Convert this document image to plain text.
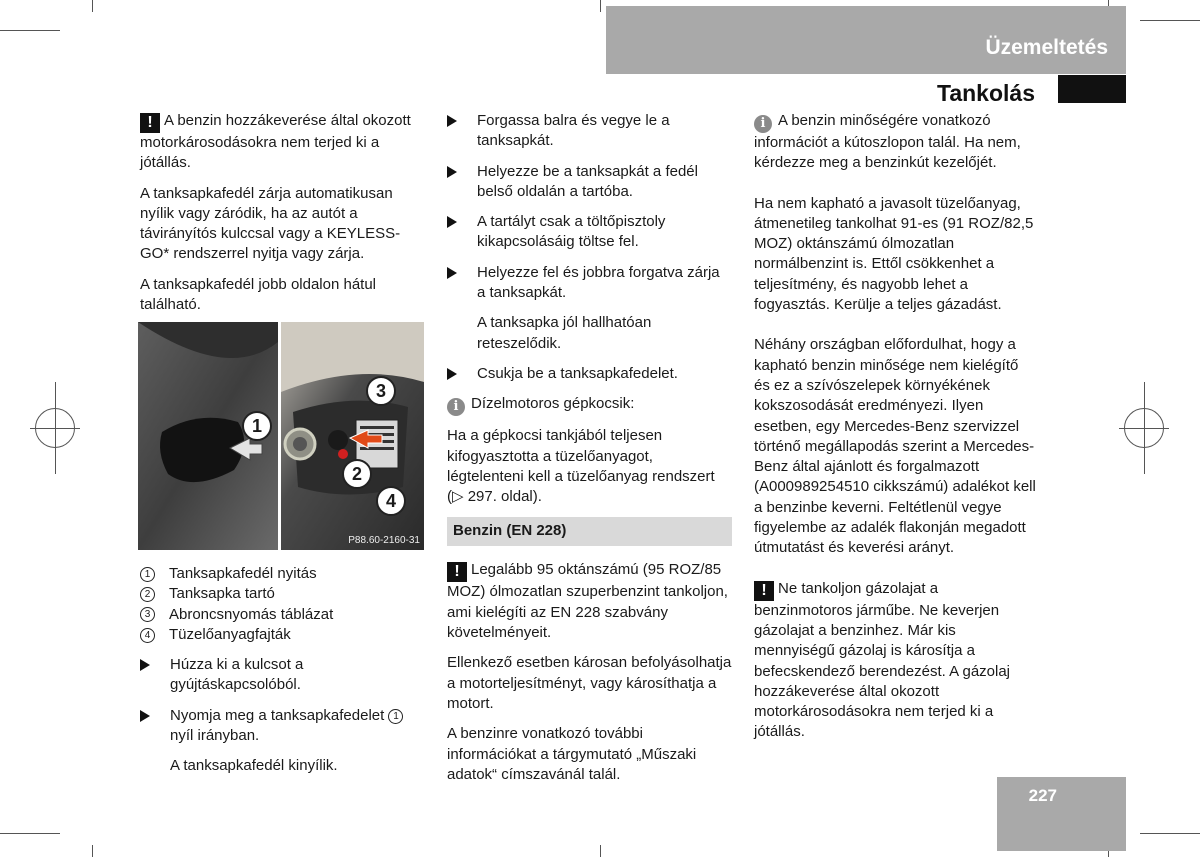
Üzemeltetés
Tankolás

! A benzin hozzákeverése által okozott motorkárosodásokra nem terjed ki a jótállás.

A tanksapkafedél zárja automatikusan nyílik vagy záródik, ha az autót a távirányítós kulccsal vagy a KEYLESS-GO* rendszerrel nyitja vagy zárja.

A tanksapkafedél jobb oldalon hátul található.

1
3
2
4
P88.60-2160-31
1	Tanksapkafedél nyitás
2	Tanksapka tartó
3	Abroncsnyomás táblázat
4	Tüzelőanyagfajták
Húzza ki a kulcsot a gyújtáskapcsolóból.
Nyomja meg a tanksapkafedelet 1 nyíl irányban.

A tanksapkafedél kinyílik.

Forgassa balra és vegye le a tanksapkát.
Helyezze be a tanksapkát a fedél belső oldalán a tartóba.
A tartályt csak a töltőpisztoly kikapcsolásáig töltse fel.
Helyezze fel és jobbra forgatva zárja a tanksapkát.

A tanksapka jól hallhatóan reteszelődik.

Csukja be a tanksapkafedelet.

i Dízelmotoros gépkocsik:

Ha a gépkocsi tankjából teljesen kifogyasztotta a tüzelőanyagot, légtelenteni kell a tüzelőanyag rendszert (▷ 297. oldal).

Benzin (EN 228)

! Legalább 95 oktánszámú (95 ROZ/85 MOZ) ólmozatlan szuperbenzint tankoljon, ami kielégíti az EN 228 szabvány követelményeit.

Ellenkező esetben károsan befolyásolhatja a motorteljesítményt, vagy károsíthatja a motort.

A benzinre vonatkozó további információkat a tárgymutató „Műszaki adatok“ címszavánál talál.

i A benzin minőségére vonatkozó információt a kútoszlopon talál. Ha nem, kérdezze meg a benzinkút kezelőjét.

Ha nem kapható a javasolt tüzelőanyag, átmenetileg tankolhat 91-es (91 ROZ/82,5 MOZ) oktánszámú ólmozatlan normálbenzint is. Ettől csökkenhet a teljesítmény, és nagyobb lehet a fogyasztás. Kerülje a teljes gázadást.

Néhány országban előfordulhat, hogy a kapható benzin minősége nem kielégítő és ez a szívószelepek környékének kokszosodását eredményezi. Ilyen esetben, egy Mercedes-Benz szervizzel történő megállapodás szerint a Mercedes-Benz által ajánlott és forgalmazott (A000989254510 cikkszámú) adalékot kell a benzinbe keverni. Feltétlenül vegye figyelembe az adalék flakonján megadott útmutatást és keverési arányt.

! Ne tankoljon gázolajat a benzinmotoros járműbe. Ne keverjen gázolajat a benzinhez. Már kis mennyiségű gázolaj is károsítja a befecskendező berendezést. A gázolaj hozzákeverése által okozott motorkárosodásokra nem terjed ki a jótállás.

227
